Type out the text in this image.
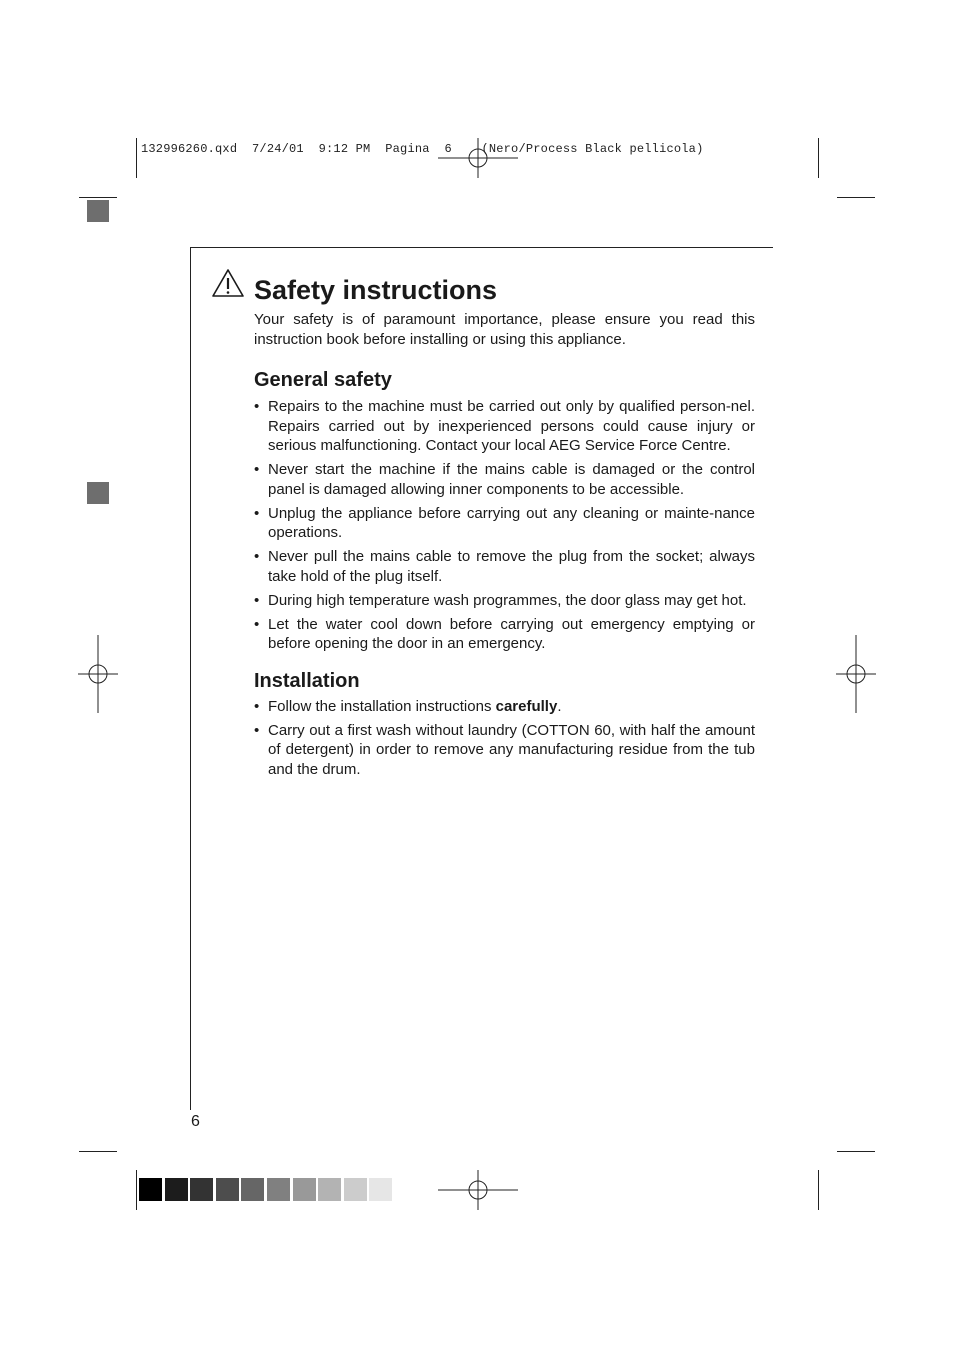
132996260.qxd  7/24/01  9:12 PM  Pagina  6    (Nero/Process Black pellicola)
Safety instructions

Your safety is of paramount importance, please ensure you read this instruction book before installing or using this appliance.

General safety
• Repairs to the machine must be carried out only by qualified person-nel. Repairs carried out by inexperienced persons could cause injury or serious malfunctioning. Contact your local AEG Service Force Centre.
• Never start the machine if the mains cable is damaged or the control panel is damaged allowing inner components to be accessible.
• Unplug the appliance before carrying out any cleaning or mainte-nance operations.
• Never pull the mains cable to remove the plug from the socket; always take hold of the plug itself.
• During high temperature wash programmes, the door glass may get hot.
• Let the water cool down before carrying out emergency emptying or before opening the door in an emergency.
Installation
• Follow the installation instructions carefully.
• Carry out a first wash without laundry (COTTON 60, with half the amount of detergent) in order to remove any manufacturing residue from the tub and the drum.
6
